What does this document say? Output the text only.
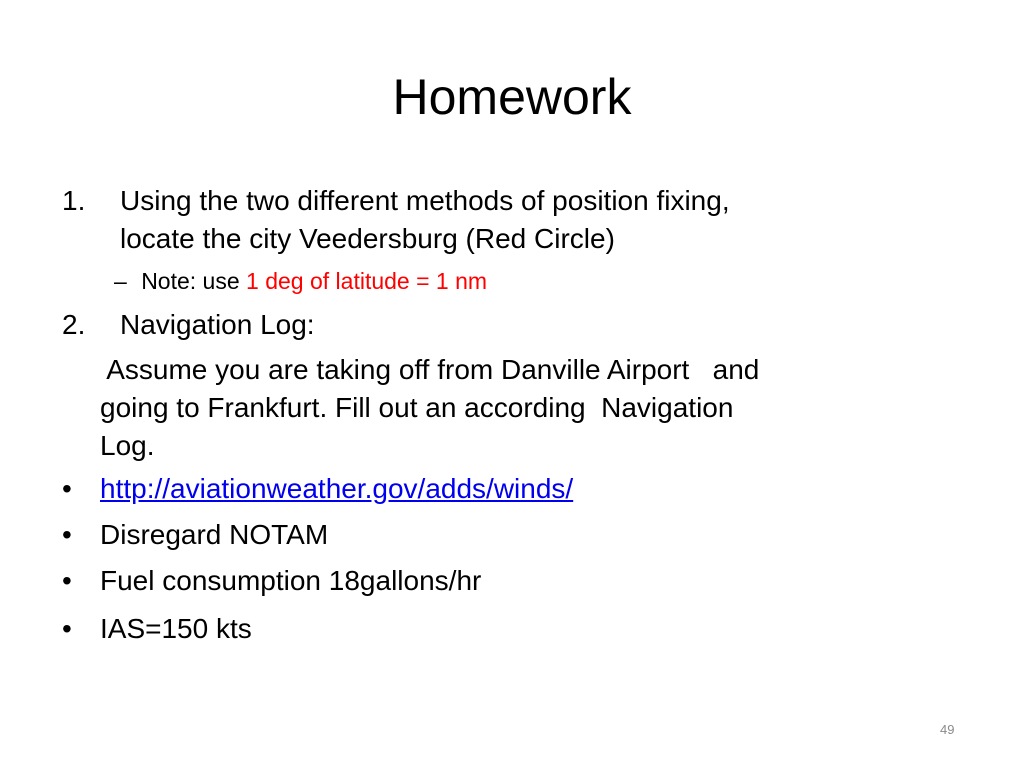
Homework
1. Using the two different methods of position fixing,
locate the city Veedersburg (Red Circle)
– Note: use 1 deg of latitude = 1 nm
2. Navigation Log:
Assume you are taking off from Danville Airport   and
going to Frankfurt. Fill out an according  Navigation
Log.
• http://aviationweather.gov/adds/winds/
• Disregard NOTAM
• Fuel consumption 18gallons/hr
• IAS=150 kts
49
